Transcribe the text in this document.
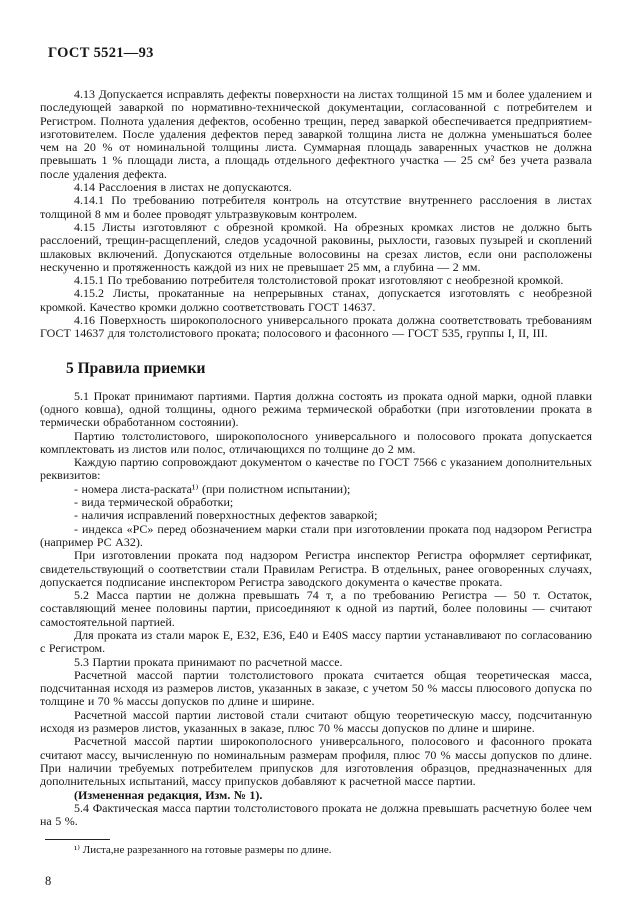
ГОСТ 5521—93

4.13 Допускается исправлять дефекты поверхности на листах толщиной 15 мм и более удалением и последующей заваркой по нормативно-технической документации, согласованной с потребителем и Регистром. Полнота удаления дефектов, особенно трещин, перед заваркой обеспечивается предприятием-изготовителем. После удаления дефектов перед заваркой толщина листа не должна уменьшаться более чем на 20 % от номинальной толщины листа. Суммарная площадь заваренных участков не должна превышать 1 % площади листа, а площадь отдельного дефектного участка — 25 см² без учета развала после удаления дефекта.

4.14 Расслоения в листах не допускаются.

4.14.1 По требованию потребителя контроль на отсутствие внутреннего расслоения в листах толщиной 8 мм и более проводят ультразвуковым контролем.

4.15 Листы изготовляют с обрезной кромкой. На обрезных кромках листов не должно быть расслоений, трещин-расщеплений, следов усадочной раковины, рыхлости, газовых пузырей и скоплений шлаковых включений. Допускаются отдельные волосовины на срезах листов, если они расположены нескученно и протяженность каждой из них не превышает 25 мм, а глубина — 2 мм.

4.15.1 По требованию потребителя толстолистовой прокат изготовляют с необрезной кромкой.

4.15.2 Листы, прокатанные на непрерывных станах, допускается изготовлять с необрезной кромкой. Качество кромки должно соответствовать ГОСТ 14637.

4.16 Поверхность широкополосного универсального проката должна соответствовать требованиям ГОСТ 14637 для толстолистового проката; полосового и фасонного — ГОСТ 535, группы I, II, III.

5 Правила приемки

5.1 Прокат принимают партиями. Партия должна состоять из проката одной марки, одной плавки (одного ковша), одной толщины, одного режима термической обработки (при изготовлении проката в термически обработанном состоянии).

Партию толстолистового, широкополосного универсального и полосового проката допускается комплектовать из листов или полос, отличающихся по толщине до 2 мм.

Каждую партию сопровождают документом о качестве по ГОСТ 7566 с указанием дополнительных реквизитов:

- номера листа-раската¹⁾ (при полистном испытании);

- вида термической обработки;

- наличия исправлений поверхностных дефектов заваркой;

- индекса «РС» перед обозначением марки стали при изготовлении проката под надзором Регистра (например РС А32).

При изготовлении проката под надзором Регистра инспектор Регистра оформляет сертификат, свидетельствующий о соответствии стали Правилам Регистра. В отдельных, ранее оговоренных случаях, допускается подписание инспектором Регистра заводского документа о качестве проката.

5.2 Масса партии не должна превышать 74 т, а по требованию Регистра — 50 т. Остаток, составляющий менее половины партии, присоединяют к одной из партий, более половины — считают самостоятельной партией.

Для проката из стали марок Е, Е32, Е36, Е40 и Е40S массу партии устанавливают по согласованию с Регистром.

5.3 Партии проката принимают по расчетной массе.

Расчетной массой партии толстолистового проката считается общая теоретическая масса, подсчитанная исходя из размеров листов, указанных в заказе, с учетом 50 % массы плюсового допуска по толщине и 70 % массы допусков по длине и ширине.

Расчетной массой партии листовой стали считают общую теоретическую массу, подсчитанную исходя из размеров листов, указанных в заказе, плюс 70 % массы допусков по длине и ширине.

Расчетной массой партии широкополосного универсального, полосового и фасонного проката считают массу, вычисленную по номинальным размерам профиля, плюс 70 % массы допусков по длине. При наличии требуемых потребителем припусков для изготовления образцов, предназначенных для дополнительных испытаний, массу припусков добавляют к расчетной массе партии.

(Измененная редакция, Изм. № 1).

5.4 Фактическая масса партии толстолистового проката не должна превышать расчетную более чем на 5 %.

¹⁾ Листа,не разрезанного на готовые размеры по длине.

8
